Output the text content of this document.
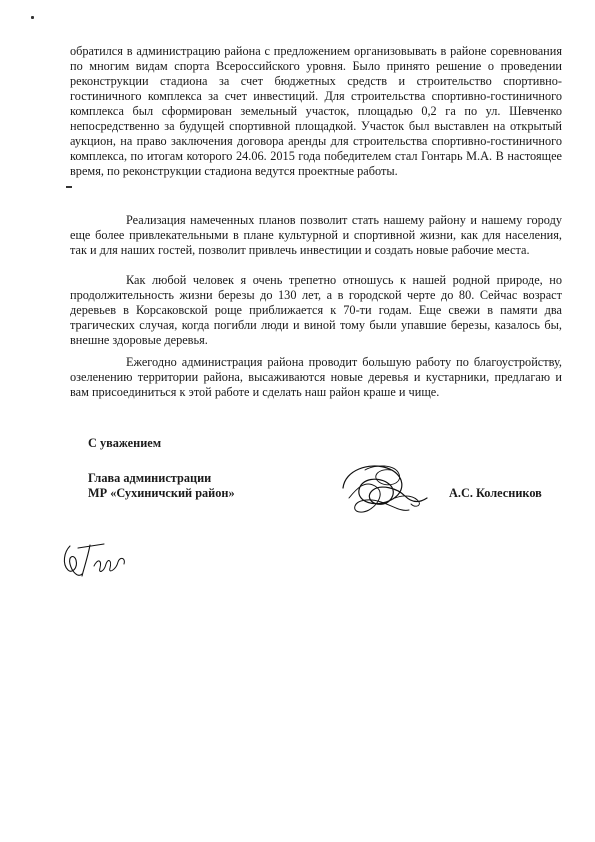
обратился в администрацию района с предложением организовывать в районе соревнования по многим видам спорта Всероссийского уровня. Было принято решение о проведении реконструкции стадиона за счет бюджетных средств и строительство спортивно-гостиничного комплекса за счет инвестиций. Для строительства спортивно-гостиничного комплекса был сформирован земельный участок, площадью 0,2 га по ул. Шевченко непосредственно за будущей спортивной площадкой. Участок был выставлен на открытый аукцион, на право заключения договора аренды для строительства спортивно-гостиничного комплекса, по итогам которого 24.06. 2015 года победителем стал Гонтарь М.А. В настоящее время, по реконструкции стадиона ведутся проектные работы.

Реализация намеченных планов позволит стать нашему району и нашему городу еще более привлекательными в плане культурной и спортивной жизни, как для населения, так и для наших гостей, позволит привлечь инвестиции и создать новые рабочие места.

Как любой человек я очень трепетно отношусь к нашей родной природе, но продолжительность жизни березы до 130 лет, а в городской черте до 80. Сейчас возраст деревьев в Корсаковской роще приближается к 70-ти годам. Еще свежи в памяти два трагических случая, когда погибли люди и виной тому были упавшие березы, казалось бы, внешне здоровые деревья.

Ежегодно администрация района проводит большую работу по благоустройству, озеленению территории района, высаживаются новые деревья и кустарники, предлагаю и вам присоединиться к этой работе и сделать наш район краше и чище.

С уважением

Глава администрации

МР «Сухиничский район»	А.С. Колесников
